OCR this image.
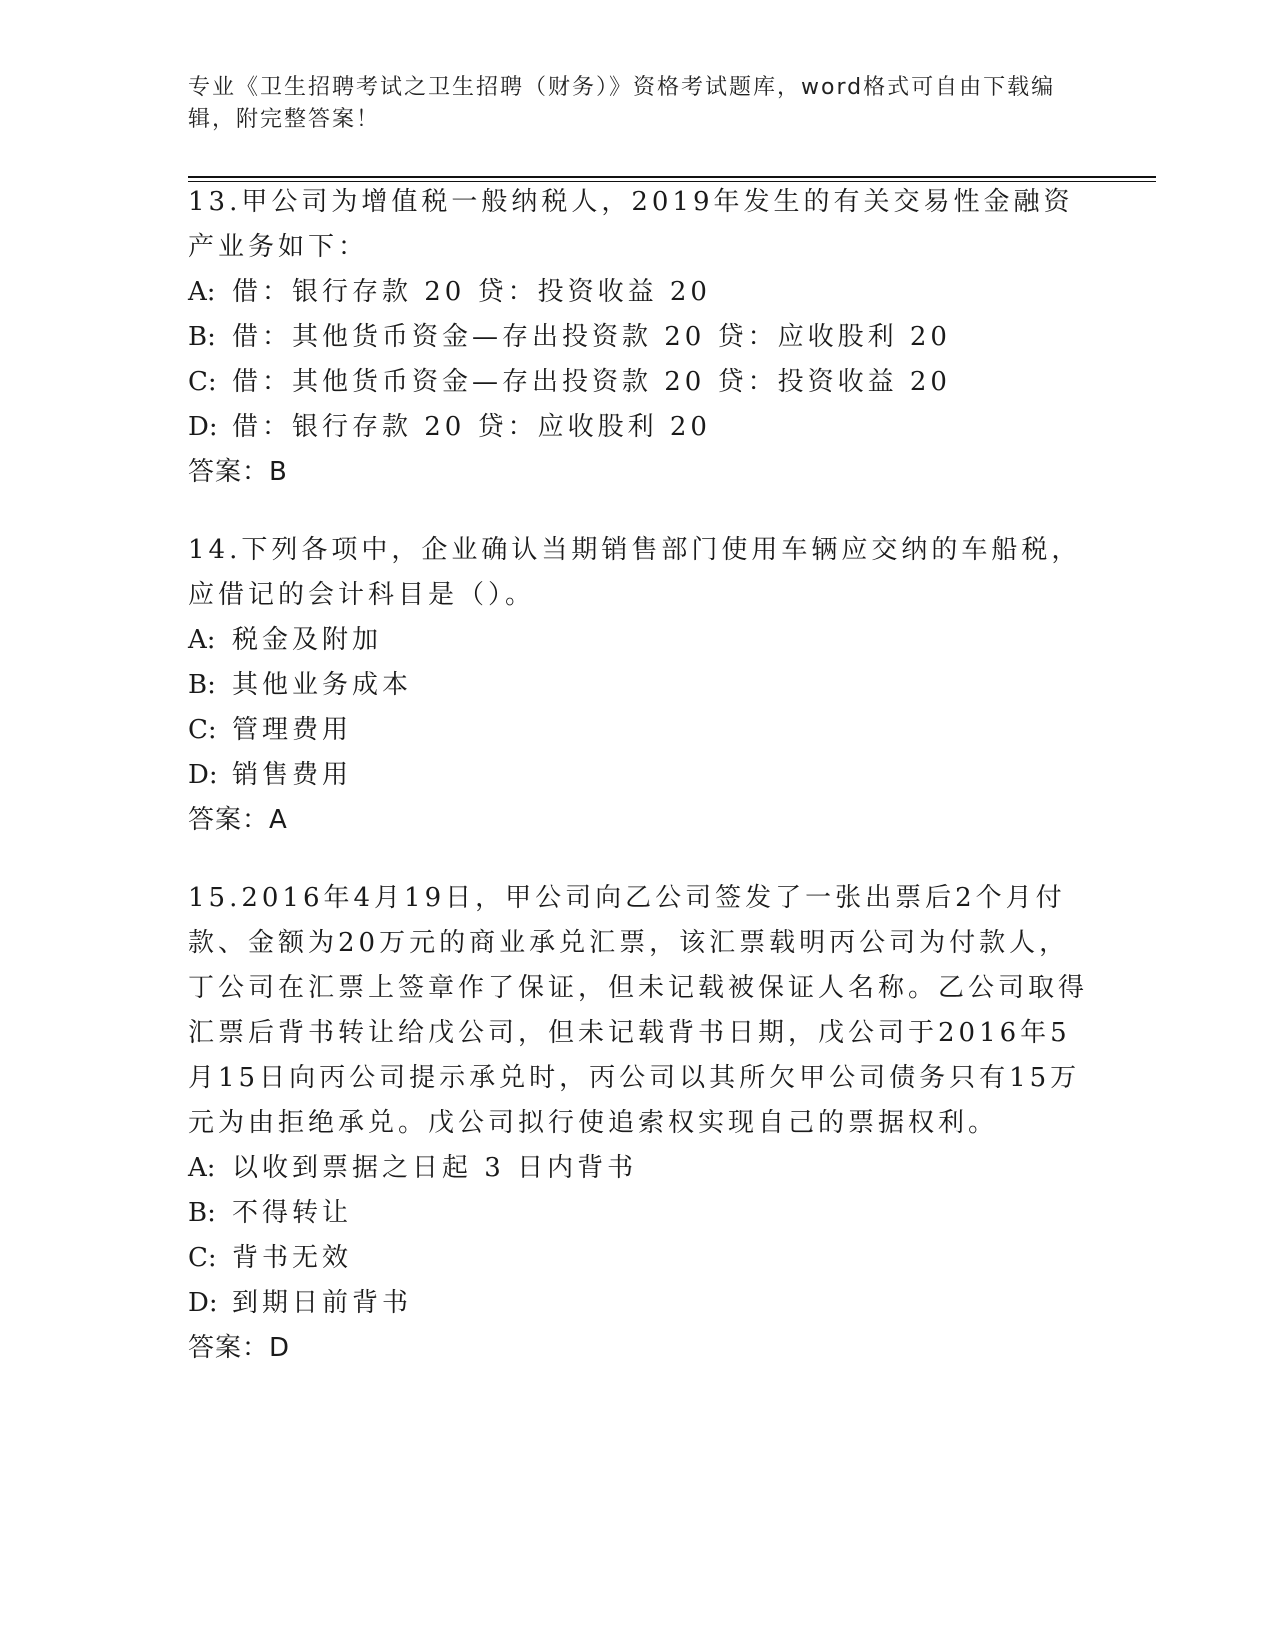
专业《卫生招聘考试之卫生招聘（财务）》资格考试题库，word格式可自由下载编辑，附完整答案！

13.甲公司为增值税一般纳税人，2019年发生的有关交易性金融资产业务如下：

A: 借：银行存款 20 贷：投资收益 20

B: 借：其他货币资金—存出投资款 20 贷：应收股利 20

C: 借：其他货币资金—存出投资款 20 贷：投资收益 20

D: 借：银行存款 20 贷：应收股利 20

答案：B

14.下列各项中，企业确认当期销售部门使用车辆应交纳的车船税，应借记的会计科目是（）。

A: 税金及附加

B: 其他业务成本

C: 管理费用

D: 销售费用

答案：A

15.2016年4月19日，甲公司向乙公司签发了一张出票后2个月付款、金额为20万元的商业承兑汇票，该汇票载明丙公司为付款人，丁公司在汇票上签章作了保证，但未记载被保证人名称。乙公司取得汇票后背书转让给戊公司，但未记载背书日期，戊公司于2016年5月15日向丙公司提示承兑时，丙公司以其所欠甲公司债务只有15万元为由拒绝承兑。戊公司拟行使追索权实现自己的票据权利。

A: 以收到票据之日起 3 日内背书

B: 不得转让

C: 背书无效

D: 到期日前背书

答案：D
